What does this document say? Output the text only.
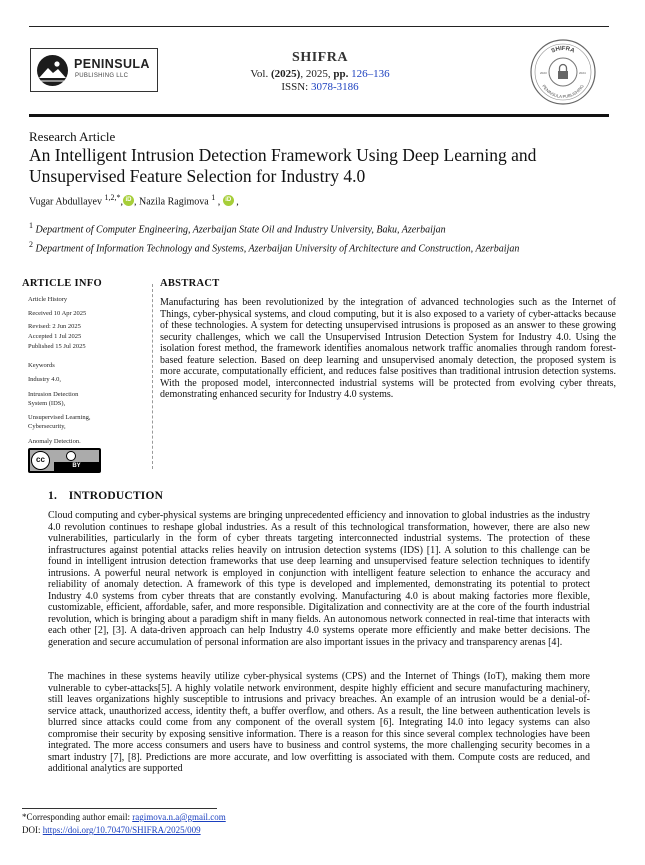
PENINSULA
PUBLISHING LLC
SHIFRA
Vol. (2025), 2025, pp. 126–136
ISSN: 3078-3186
SHIFRA
PENINSULA PUBLISHING
2023	2024
Research Article
An Intelligent Intrusion Detection Framework Using Deep Learning and Unsupervised Feature Selection for Industry 4.0
Vugar Abdullayev $^{1,2,*}$, iD , Nazila Ragimova $^1$ , iD ,
$^1$ Department of Computer Engineering, Azerbaijan State Oil and Industry University, Baku, Azerbaijan
$^2$ Department of Information Technology and Systems, Azerbaijan University of Architecture and Construction, Azerbaijan
ARTICLE INFO
Article History
Received 10 Apr 2025
Revised: 2 Jun 2025
Accepted 1 Jul 2025
Published 15 Jul 2025
Keywords
Industry 4.0,
Intrusion Detection System (IDS),
Unsupervised Learning, Cybersecurity,
Anomaly Detection.
cc
BY
ABSTRACT
Manufacturing has been revolutionized by the integration of advanced technologies such as the Internet of Things, cyber-physical systems, and cloud computing, but it is also exposed to a variety of cyber-attacks because of these technologies. A system for detecting unsupervised intrusions is proposed as an answer to these growing security challenges, which we call the Unsupervised Intrusion Detection System for Industry 4.0. Using the isolation forest method, the framework identifies anomalous network traffic anomalies through random forest-based feature selection. Based on deep learning and unsupervised anomaly detection, the proposed system is more accurate, computationally efficient, and reduces false positives than traditional intrusion detection systems. With the proposed model, interconnected industrial systems will be protected from evolving cyber threats, demonstrating enhanced security for Industry 4.0 systems.
1. INTRODUCTION
Cloud computing and cyber-physical systems are bringing unprecedented efficiency and innovation to global industries as the industry 4.0 revolution continues to reshape global industries. As a result of this technological transformation, however, there are also new vulnerabilities, particularly in the form of cyber threats targeting interconnected industrial systems. The protection of these infrastructures against potential attacks relies heavily on intrusion detection systems (IDS) [1]. A solution to this challenge can be found in intelligent intrusion detection frameworks that use deep learning and unsupervised feature selection techniques to identify intrusions. A powerful neural network is employed in conjunction with intelligent feature selection to enhance the accuracy and reliability of anomaly detection. A framework of this type is developed and implemented, demonstrating its potential to protect Industry 4.0 systems from cyber threats that are constantly evolving. Manufacturing 4.0 is about making factories more flexible, customizable, efficient, affordable, safer, and more responsible. Digitalization and connectivity are at the core of the fourth industrial revolution, which is bringing about a paradigm shift in many fields. An autonomous network connected in real-time that interacts with each other [2], [3]. A data-driven approach can help Industry 4.0 systems operate more efficiently and make better decisions. The generation and secure accumulation of personal information are also important issues in the privacy and transparency arenas [4].
The machines in these systems heavily utilize cyber-physical systems (CPS) and the Internet of Things (IoT), making them more vulnerable to cyber-attacks[5]. A highly volatile network environment, despite highly efficient and secure manufacturing machinery, still leaves organizations highly susceptible to intrusions and privacy breaches. An example of an intrusion would be a denial-of-service attack, unauthorized access, identity theft, a buffer overflow, and others. As a result, the line between authentication levels is blurred since attacks could come from any component of the overall system [6]. Integrating I4.0 into legacy systems can also compromise their security by exposing sensitive information. There is a reason for this since several complex technologies have been integrated. The more access consumers and users have to business and control systems, the more challenging security becomes in a smart industry [7], [8]. Predictions are more accurate, and low overfitting is associated with them. Compute costs are reduced, and additional analytics are supported
*Corresponding author email: ragimova.n.a@gmail.com
DOI: https://doi.org/10.70470/SHIFRA/2025/009
